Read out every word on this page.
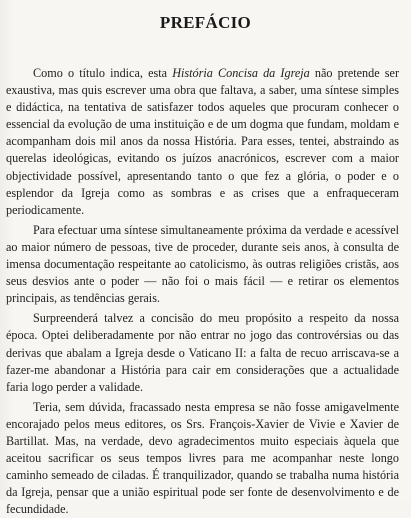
PREFÁCIO

Como o título indica, esta História Concisa da Igreja não pretende ser exaustiva, mas quis escrever uma obra que faltava, a saber, uma síntese simples e didáctica, na tentativa de satisfazer todos aqueles que procuram conhecer o essencial da evolução de uma instituição e de um dogma que fundam, moldam e acompanham dois mil anos da nossa História. Para esses, tentei, abstraindo as querelas ideológicas, evitando os juízos anacrónicos, escrever com a maior objectividade possível, apresentando tanto o que fez a glória, o poder e o esplendor da Igreja como as sombras e as crises que a enfraqueceram periodicamente.

Para efectuar uma síntese simultaneamente próxima da verdade e acessível ao maior número de pessoas, tive de proceder, durante seis anos, à consulta de imensa documentação respeitante ao catolicismo, às outras religiões cristãs, aos seus desvios ante o poder — não foi o mais fácil — e retirar os elementos principais, as tendências gerais.

Surpreenderá talvez a concisão do meu propósito a respeito da nossa época. Optei deliberadamente por não entrar no jogo das controvérsias ou das derivas que abalam a Igreja desde o Vaticano II: a falta de recuo arriscava-se a fazer-me abandonar a História para cair em considerações que a actualidade faria logo perder a validade.

Teria, sem dúvida, fracassado nesta empresa se não fosse amigavelmente encorajado pelos meus editores, os Srs. François-Xavier de Vivie e Xavier de Bartillat. Mas, na verdade, devo agradecimentos muito especiais àquela que aceitou sacrificar os seus tempos livres para me acompanhar neste longo caminho semeado de ciladas. É tranquilizador, quando se trabalha numa história da Igreja, pensar que a união espiritual pode ser fonte de desenvolvimento e de fecundidade.
